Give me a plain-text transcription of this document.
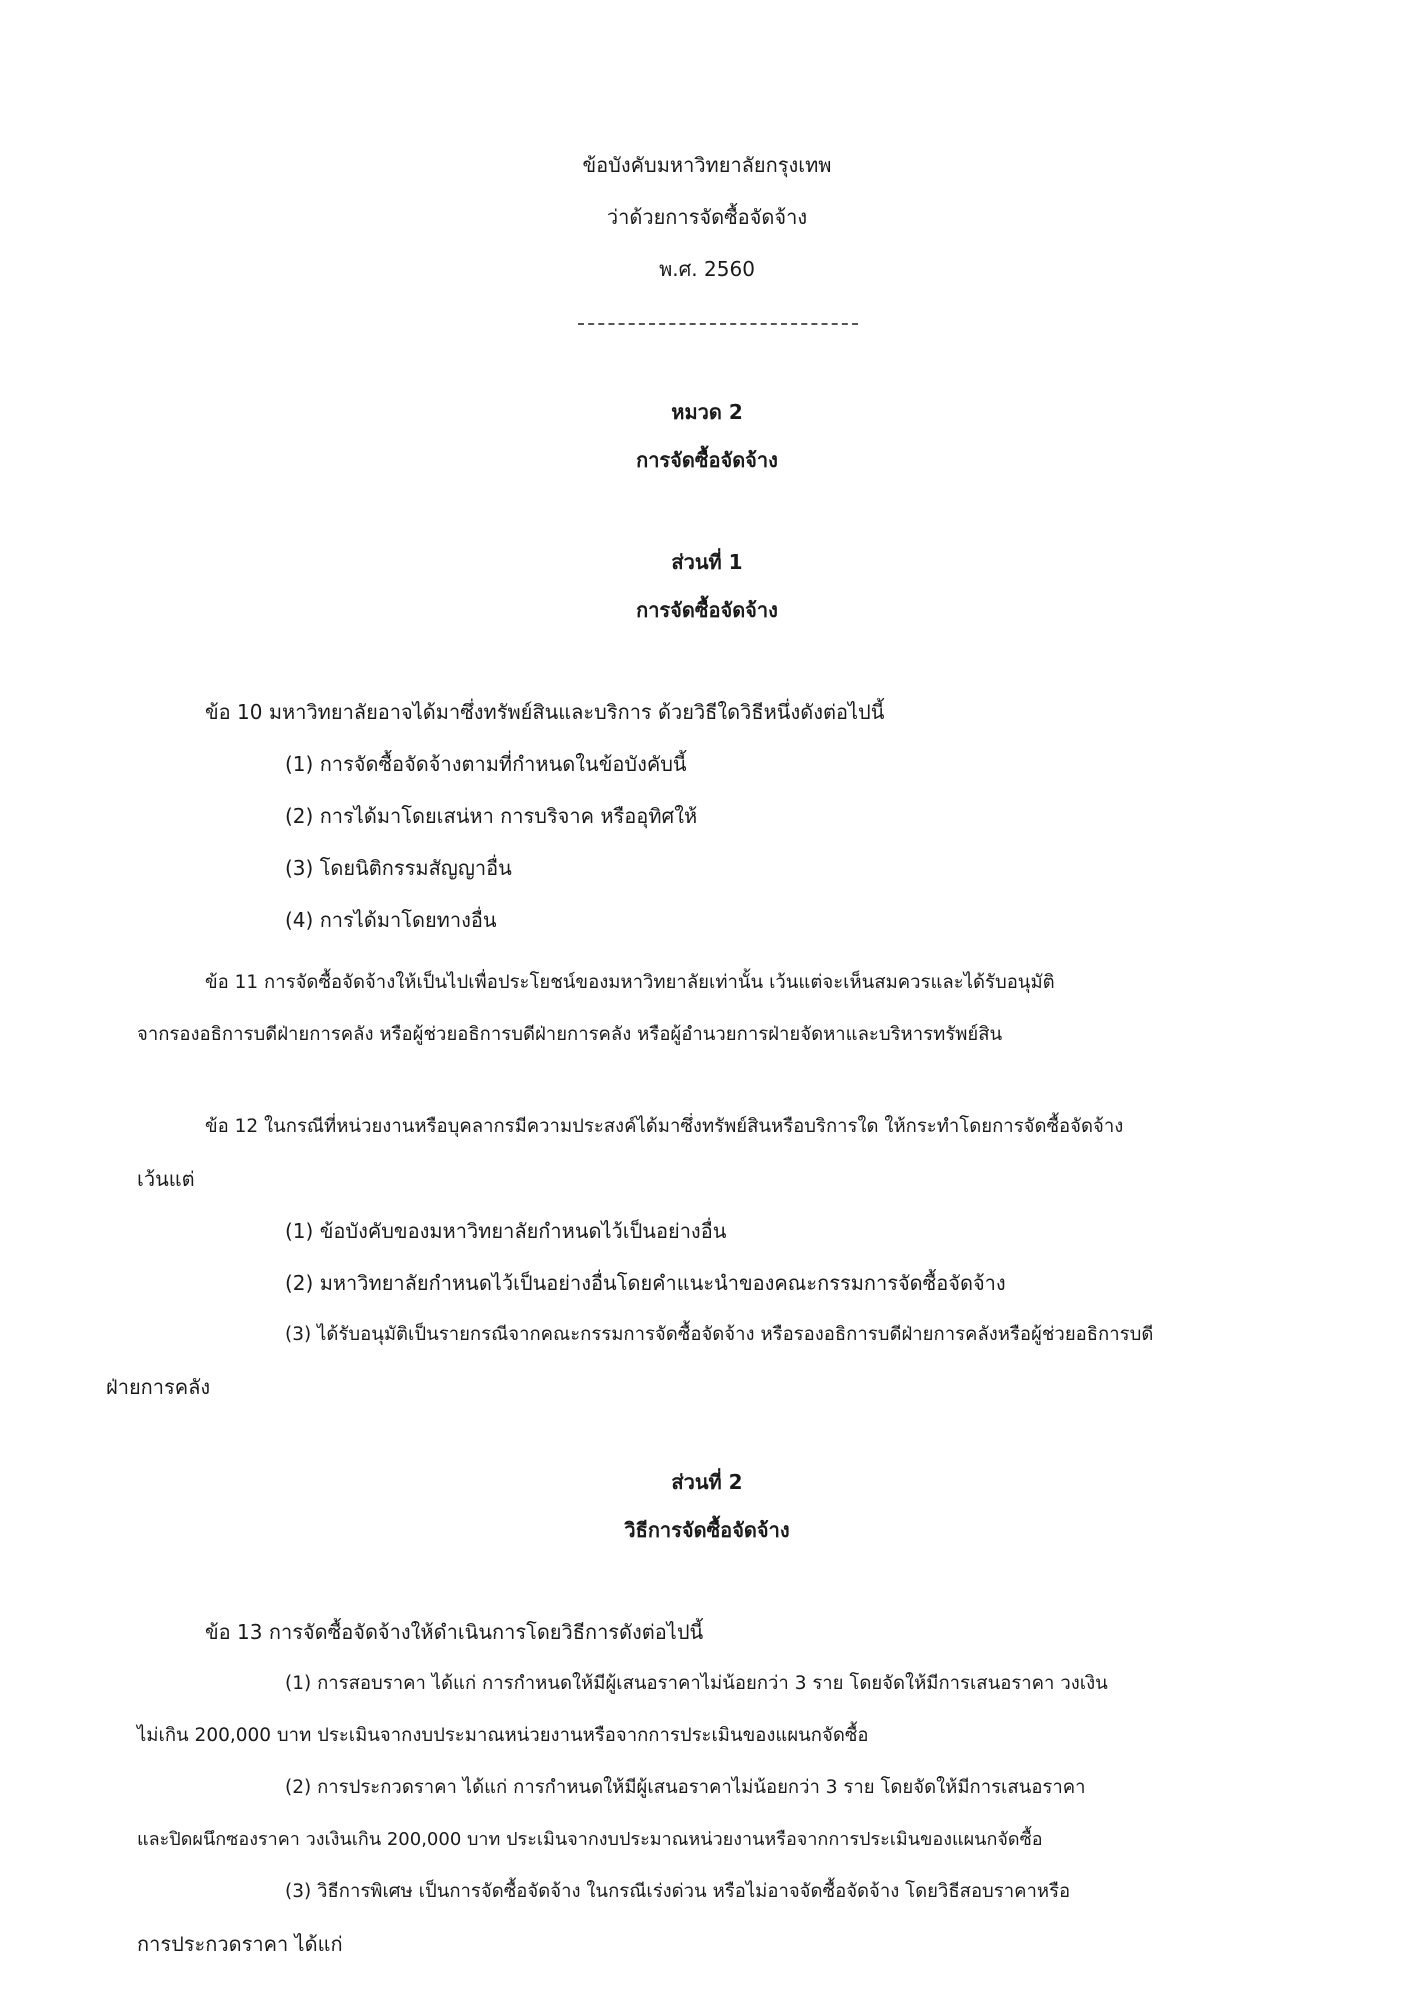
ข้อบังคับมหาวิทยาลัยกรุงเทพ
ว่าด้วยการจัดซื้อจัดจ้าง
พ.ศ. 2560
หมวด 2
การจัดซื้อจัดจ้าง
ส่วนที่ 1
การจัดซื้อจัดจ้าง
ข้อ 10 มหาวิทยาลัยอาจได้มาซึ่งทรัพย์สินและบริการ ด้วยวิธีใดวิธีหนึ่งดังต่อไปนี้
(1) การจัดซื้อจัดจ้างตามที่กำหนดในข้อบังคับนี้
(2) การได้มาโดยเสน่หา การบริจาค หรืออุทิศให้
(3) โดยนิติกรรมสัญญาอื่น
(4) การได้มาโดยทางอื่น
ข้อ 11 การจัดซื้อจัดจ้างให้เป็นไปเพื่อประโยชน์ของมหาวิทยาลัยเท่านั้น เว้นแต่จะเห็นสมควรและได้รับอนุมัติ
จากรองอธิการบดีฝ่ายการคลัง หรือผู้ช่วยอธิการบดีฝ่ายการคลัง หรือผู้อำนวยการฝ่ายจัดหาและบริหารทรัพย์สิน
ข้อ 12 ในกรณีที่หน่วยงานหรือบุคลากรมีความประสงค์ได้มาซึ่งทรัพย์สินหรือบริการใด ให้กระทำโดยการจัดซื้อจัดจ้าง
เว้นแต่
(1) ข้อบังคับของมหาวิทยาลัยกำหนดไว้เป็นอย่างอื่น
(2) มหาวิทยาลัยกำหนดไว้เป็นอย่างอื่นโดยคำแนะนำของคณะกรรมการจัดซื้อจัดจ้าง
(3) ได้รับอนุมัติเป็นรายกรณีจากคณะกรรมการจัดซื้อจัดจ้าง หรือรองอธิการบดีฝ่ายการคลังหรือผู้ช่วยอธิการบดี
ฝ่ายการคลัง
ส่วนที่ 2
วิธีการจัดซื้อจัดจ้าง
ข้อ 13 การจัดซื้อจัดจ้างให้ดำเนินการโดยวิธีการดังต่อไปนี้
(1) การสอบราคา ได้แก่ การกำหนดให้มีผู้เสนอราคาไม่น้อยกว่า 3 ราย โดยจัดให้มีการเสนอราคา วงเงิน
ไม่เกิน 200,000 บาท ประเมินจากงบประมาณหน่วยงานหรือจากการประเมินของแผนกจัดซื้อ
(2) การประกวดราคา ได้แก่ การกำหนดให้มีผู้เสนอราคาไม่น้อยกว่า 3 ราย โดยจัดให้มีการเสนอราคา
และปิดผนึกซองราคา วงเงินเกิน 200,000 บาท ประเมินจากงบประมาณหน่วยงานหรือจากการประเมินของแผนกจัดซื้อ
(3) วิธีการพิเศษ เป็นการจัดซื้อจัดจ้าง ในกรณีเร่งด่วน หรือไม่อาจจัดซื้อจัดจ้าง โดยวิธีสอบราคาหรือ
การประกวดราคา ได้แก่
